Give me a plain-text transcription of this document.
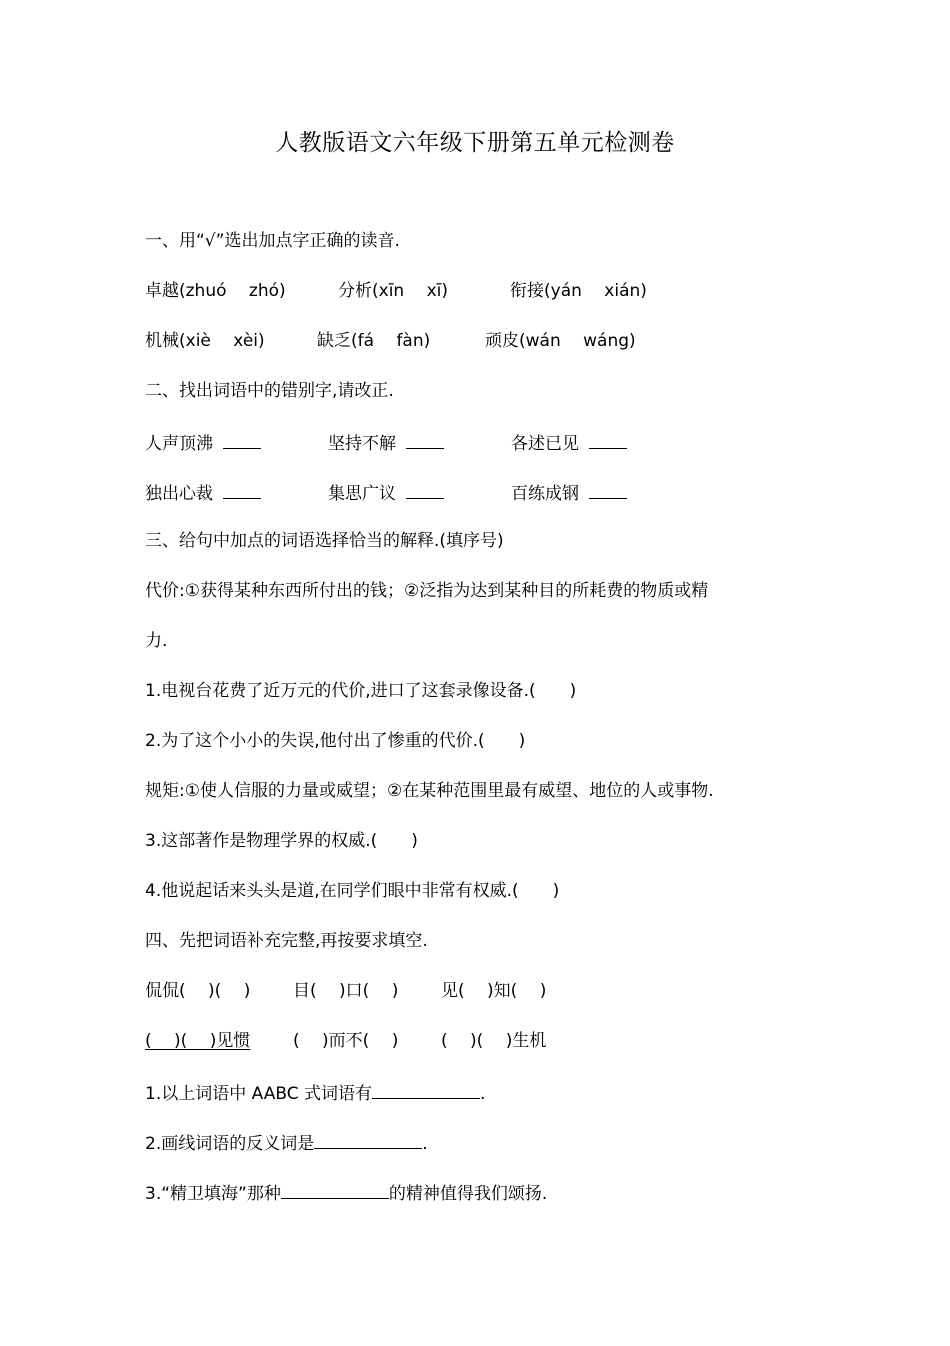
人教版语文六年级下册第五单元检测卷
一、用“√”选出加点字正确的读音.
卓越(zhuó　 zhó)	分析(xīn　 xī)	衔接(yán　 xián)
机械(xiè　 xèi)	缺乏(fá　 fàn)	顽皮(wán　 wáng)
二、找出词语中的错别字,请改正.
人声顶沸	坚持不解	各述已见
独出心裁	集思广议	百练成钢
三、给句中加点的词语选择恰当的解释.(填序号)
代价:①获得某种东西所付出的钱；②泛指为达到某种目的所耗费的物质或精
力.
1.电视台花费了近万元的代价,进口了这套录像设备.(　　)
2.为了这个小小的失误,他付出了惨重的代价.(　　)
规矩:①使人信服的力量或威望；②在某种范围里最有威望、地位的人或事物.
3.这部著作是物理学界的权威.(　　)
4.他说起话来头头是道,在同学们眼中非常有权威.(　　)
四、先把词语补充完整,再按要求填空.
侃侃(　 )(　 )	目(　 )口(　 )	见(　 )知(　 )
(　 )(　 )见惯	(　 )而不(　 )	(　 )(　 )生机
1.以上词语中 AABC 式词语有	.
2.画线词语的反义词是	.
3.“精卫填海”那种	的精神值得我们颂扬.
